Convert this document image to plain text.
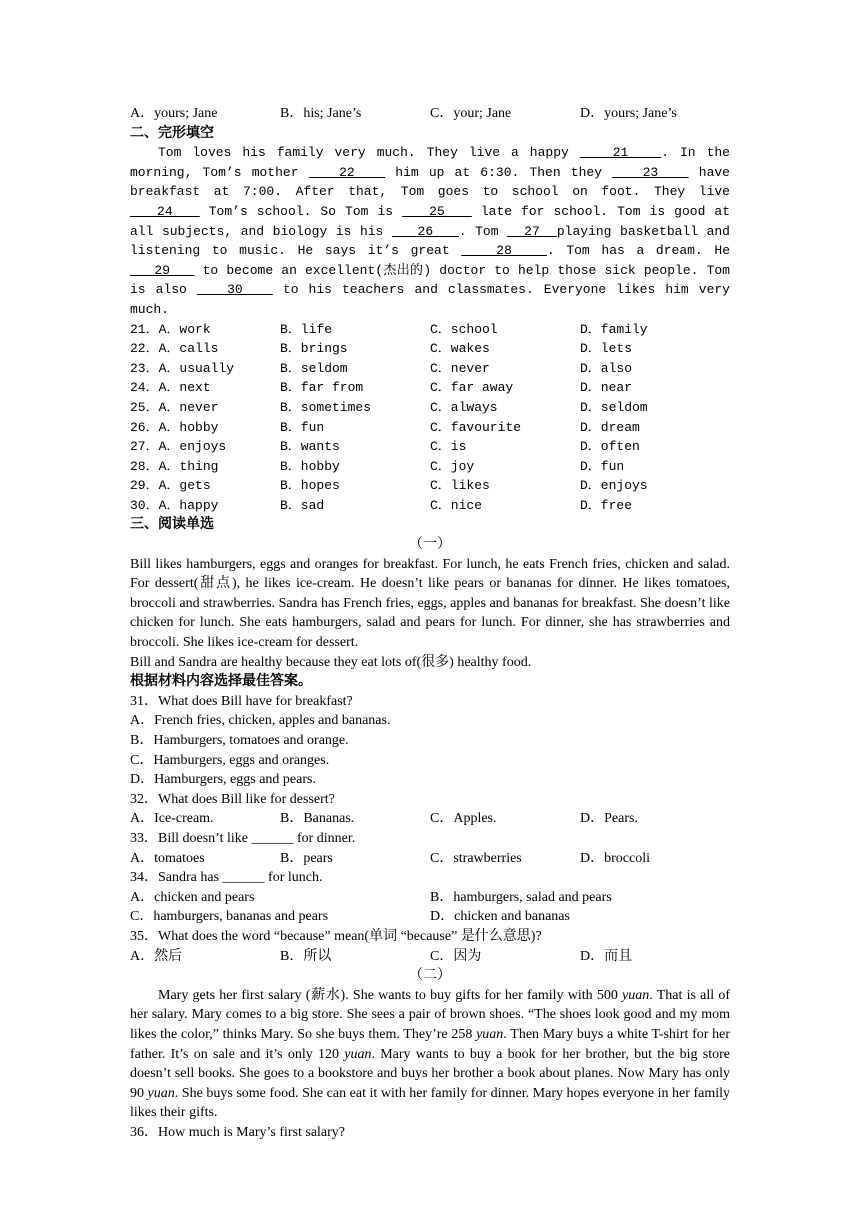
A．yours; Jane	B．his; Jane’s	C．your; Jane	D．yours; Jane’s
二、完形填空
Tom loves his family very much. They live a happy    21   . In the morning, Tom’s mother    22    him up at 6:30. Then they    23    have breakfast at 7:00. After that, Tom goes to school on foot. They live    24    Tom’s school. So Tom is    25    late for school. Tom is good at all subjects, and biology is his    26   . Tom   27  playing basketball and listening to music. He says it’s great    28   . Tom has a dream. He    29    to become an excellent(杰出的) doctor to help those sick people. Tom is also    30    to his teachers and classmates. Everyone likes him very much.
21．A．work	B．life	C．school	D．family
22．A．calls	B．brings	C．wakes	D．lets
23．A．usually	B．seldom	C．never	D．also
24．A．next	B．far from	C．far away	D．near
25．A．never	B．sometimes	C．always	D．seldom
26．A．hobby	B．fun	C．favourite	D．dream
27．A．enjoys	B．wants	C．is	D．often
28．A．thing	B．hobby	C．joy	D．fun
29．A．gets	B．hopes	C．likes	D．enjoys
30．A．happy	B．sad	C．nice	D．free
三、阅读单选
（一）
Bill likes hamburgers, eggs and oranges for breakfast. For lunch, he eats French fries, chicken and salad. For dessert(甜点), he likes ice-cream. He doesn’t like pears or bananas for dinner. He likes tomatoes, broccoli and strawberries. Sandra has French fries, eggs, apples and bananas for breakfast. She doesn’t like chicken for lunch. She eats hamburgers, salad and pears for lunch. For dinner, she has strawberries and broccoli. She likes ice-cream for dessert.
Bill and Sandra are healthy because they eat lots of(很多) healthy food.
根据材料内容选择最佳答案。
31．What does Bill have for breakfast?
A．French fries, chicken, apples and bananas.
B．Hamburgers, tomatoes and orange.
C．Hamburgers, eggs and oranges.
D．Hamburgers, eggs and pears.
32．What does Bill like for dessert?
A．Ice-cream.	B．Bananas.	C．Apples.	D．Pears.
33．Bill doesn’t like ______ for dinner.
A．tomatoes	B．pears	C．strawberries	D．broccoli
34．Sandra has ______ for lunch.
A．chicken and pears	B．hamburgers, salad and pears
C．hamburgers, bananas and pears	D．chicken and bananas
35．What does the word “because” mean(单词 “because” 是什么意思)?
A．然后	B．所以	C．因为	D．而且
（二）
Mary gets her first salary (薪水). She wants to buy gifts for her family with 500 yuan. That is all of her salary. Mary comes to a big store. She sees a pair of brown shoes. “The shoes look good and my mom likes the color,” thinks Mary. So she buys them. They’re 258 yuan. Then Mary buys a white T-shirt for her father. It’s on sale and it’s only 120 yuan. Mary wants to buy a book for her brother, but the big store doesn’t sell books. She goes to a bookstore and buys her brother a book about planes. Now Mary has only 90 yuan. She buys some food. She can eat it with her family for dinner. Mary hopes everyone in her family likes their gifts.
36．How much is Mary’s first salary?
